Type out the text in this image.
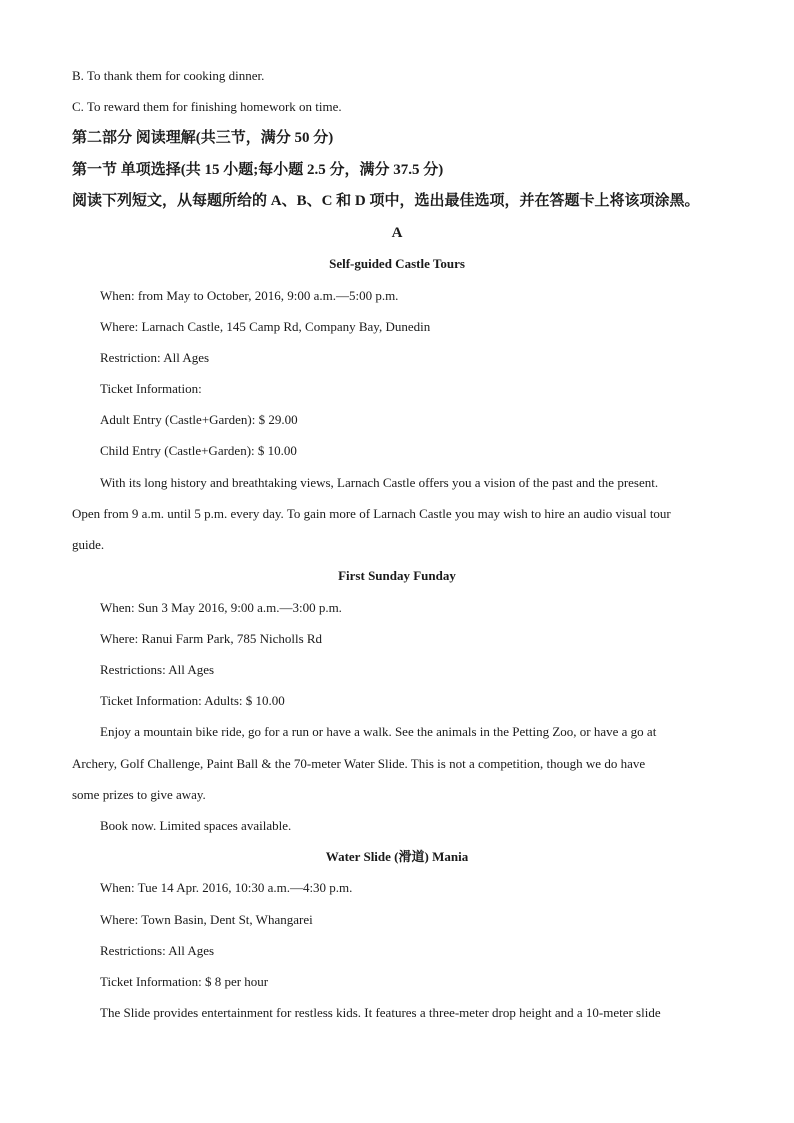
B. To thank them for cooking dinner.
C. To reward them for finishing homework on time.
第二部分 阅读理解(共三节，满分 50 分)
第一节 单项选择(共 15 小题;每小题 2.5 分，满分 37.5 分)
阅读下列短文，从每题所给的 A、B、C 和 D 项中，选出最佳选项，并在答题卡上将该项涂黑。
A
Self-guided Castle Tours
When: from May to October, 2016, 9:00 a.m.—5:00 p.m.
Where: Larnach Castle, 145 Camp Rd, Company Bay, Dunedin
Restriction: All Ages
Ticket Information:
Adult Entry (Castle+Garden): $ 29.00
Child Entry (Castle+Garden): $ 10.00
With its long history and breathtaking views, Larnach Castle offers you a vision of the past and the present.
Open from 9 a.m. until 5 p.m. every day. To gain more of Larnach Castle you may wish to hire an audio visual tour
guide.
First Sunday Funday
When: Sun 3 May 2016, 9:00 a.m.—3:00 p.m.
Where: Ranui Farm Park, 785 Nicholls Rd
Restrictions: All Ages
Ticket Information: Adults: $ 10.00
Enjoy a mountain bike ride, go for a run or have a walk. See the animals in the Petting Zoo, or have a go at
Archery, Golf Challenge, Paint Ball & the 70-meter Water Slide. This is not a competition, though we do have
some prizes to give away.
Book now. Limited spaces available.
Water Slide (滑道) Mania
When: Tue 14 Apr. 2016, 10:30 a.m.—4:30 p.m.
Where: Town Basin, Dent St, Whangarei
Restrictions: All Ages
Ticket Information: $ 8 per hour
The Slide provides entertainment for restless kids. It features a three-meter drop height and a 10-meter slide
